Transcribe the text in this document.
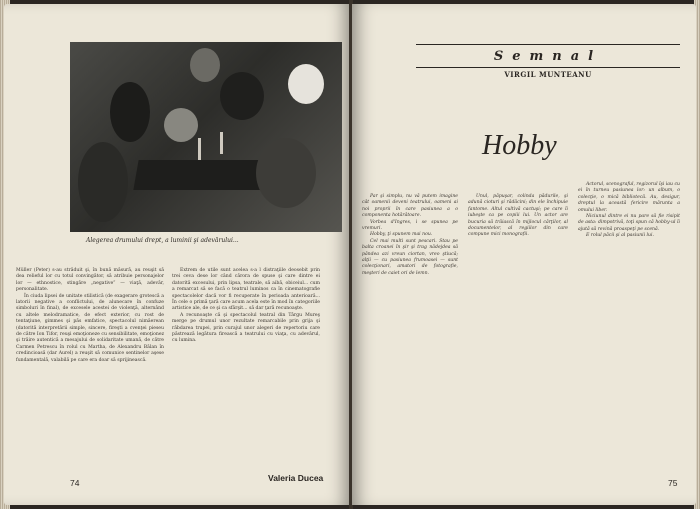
Alegerea drumului drept, a luminii şi adevărului...

Müller (Peter) s-au străduit şi, în bună măsură, au reuşit să dea relieful lor cu totul convingător, să atribuie personajelor lor — ethnostice, stingăre „negative” — viaţă, adevăr, personalitate.

În ciuda lipsei de unitate stilistică (de exagerare grotescă a latorii negative a conflictului, de alunecare în confuze simboluri în final), de excesele acestei de violenţă, alternând cu altele melodramatice, de efect exterior, cu rost de tentaţiune, gimmes şi păs emfatice, spectacolul nimăerean (datorită interpretării simple, sincere, fireşti a cvenţei pieseu de către Ion Tifor, reuşi emoţioneze cu sensibilitate, emoţionez şi trăire autentică a mesajului de solidaritate umană, de către Carmen Petrescu în rolul cu Martha, de Alexandru Bălan în credincioasă (dar Aurel) a reuşit să comunice sentinelor aşese fundamentală, valabilă pe care era doar să sprijinească.

Extrem de utile sunt acelea s-a l distraţiile deosebit prin trei ceva dese lor când cărora de spuse şi care dintre ei datorită excesului, prin lipsa, teatrale, să aibă, obiceiul... cum a remarcat să se facă o teatrul luminos ca în cinematografie spectacolelor dacă vor fi recuperate în perioada anterioară... În cele o primă ţară care acum acela este în mod în categoriile artistice ale, de ce şi ca sfârşit... să dar ţară recunoaşte.

A recunoaşte că şi spectacolul teatral din Târgu Mureş merge pe drumul unor rezultate remarcabile prin grija şi răbdarea trupei, prin curajul unor alegeri de repertoriu care păstrează legătura firească a teatrului cu viaţa, cu adevărul, cu lumina.

Valeria Ducea
74
Semnal
VIRGIL MUNTEANU
Hobby

Par şi simplu, nu vă putem imagine cât oamenii deveni teatrului, oameni ai noi proprii în care pasiunea a o componenta hotărâtoare.

Vorbea d'Ingres, i se spunea pe vremuri.

Hobby, ţi spunem mai nou.

Cel mai multi sunt pescari. Stau pe balta croanei în şir şi trag nădejdea să pândea azi vreun ciortan, vreo ştiucă; alţii — cu pasiunea frumoasei — sunt colecţionari, amatori de fotografie, meşteri de caiet ori de lemn.

Unul, păpuşar, colinda pădurile, şi adună cioturi şi rădăcini; din ele închipuie fantome. Altul cultivă cactuşi; pe care îi iubeşte ca pe copiii lui. Un actor are bucuria să trăiască în mijlocul cărţilor, al documentelor, al regiilor din care compune mici monografii.

Actorul, scenograful, regizorul îşi iau cu ei în turneu pasiunea lor: un album, o colecţie, o mică bibliotecă. Au, desigur, dreptul la această fericire mărunta a omului liber.

Niciunul dintre ei nu pare să fie risipit de asta: dimpotrivă, toţi spun că hobby-ul îi ajută să revină proaspeţi pe scenă.

E rolul păcii şi al pasiunii lui.

75
